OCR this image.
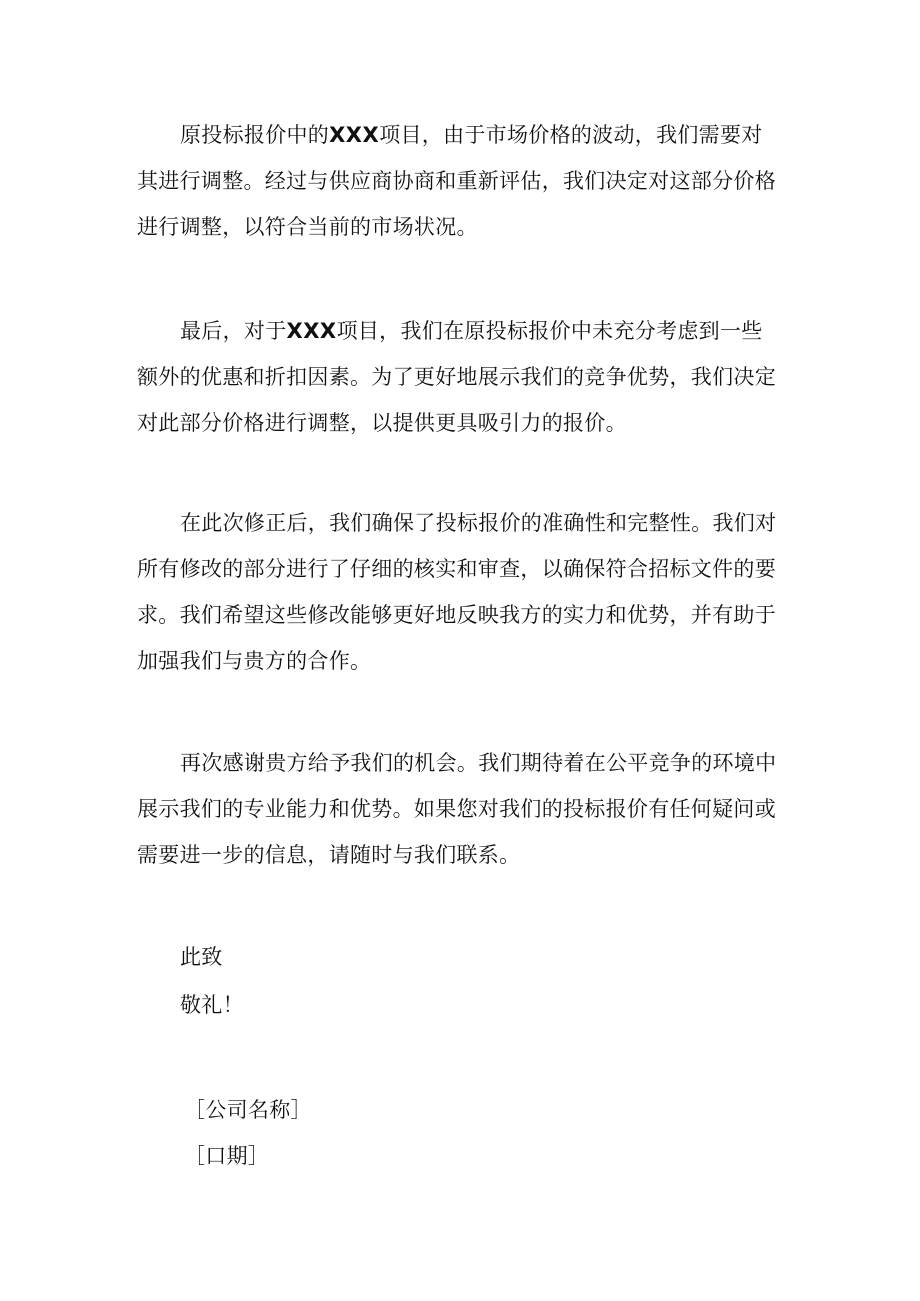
原投标报价中的XXX项目，由于市场价格的波动，我们需要对其进行调整。经过与供应商协商和重新评估，我们决定对这部分价格进行调整，以符合当前的市场状况。

最后，对于XXX项目，我们在原投标报价中未充分考虑到一些额外的优惠和折扣因素。为了更好地展示我们的竞争优势，我们决定对此部分价格进行调整，以提供更具吸引力的报价。

在此次修正后，我们确保了投标报价的准确性和完整性。我们对所有修改的部分进行了仔细的核实和审查，以确保符合招标文件的要求。我们希望这些修改能够更好地反映我方的实力和优势，并有助于加强我们与贵方的合作。

再次感谢贵方给予我们的机会。我们期待着在公平竞争的环境中展示我们的专业能力和优势。如果您对我们的投标报价有任何疑问或需要进一步的信息，请随时与我们联系。

此致

敬礼！

［公司名称］

［口期］
